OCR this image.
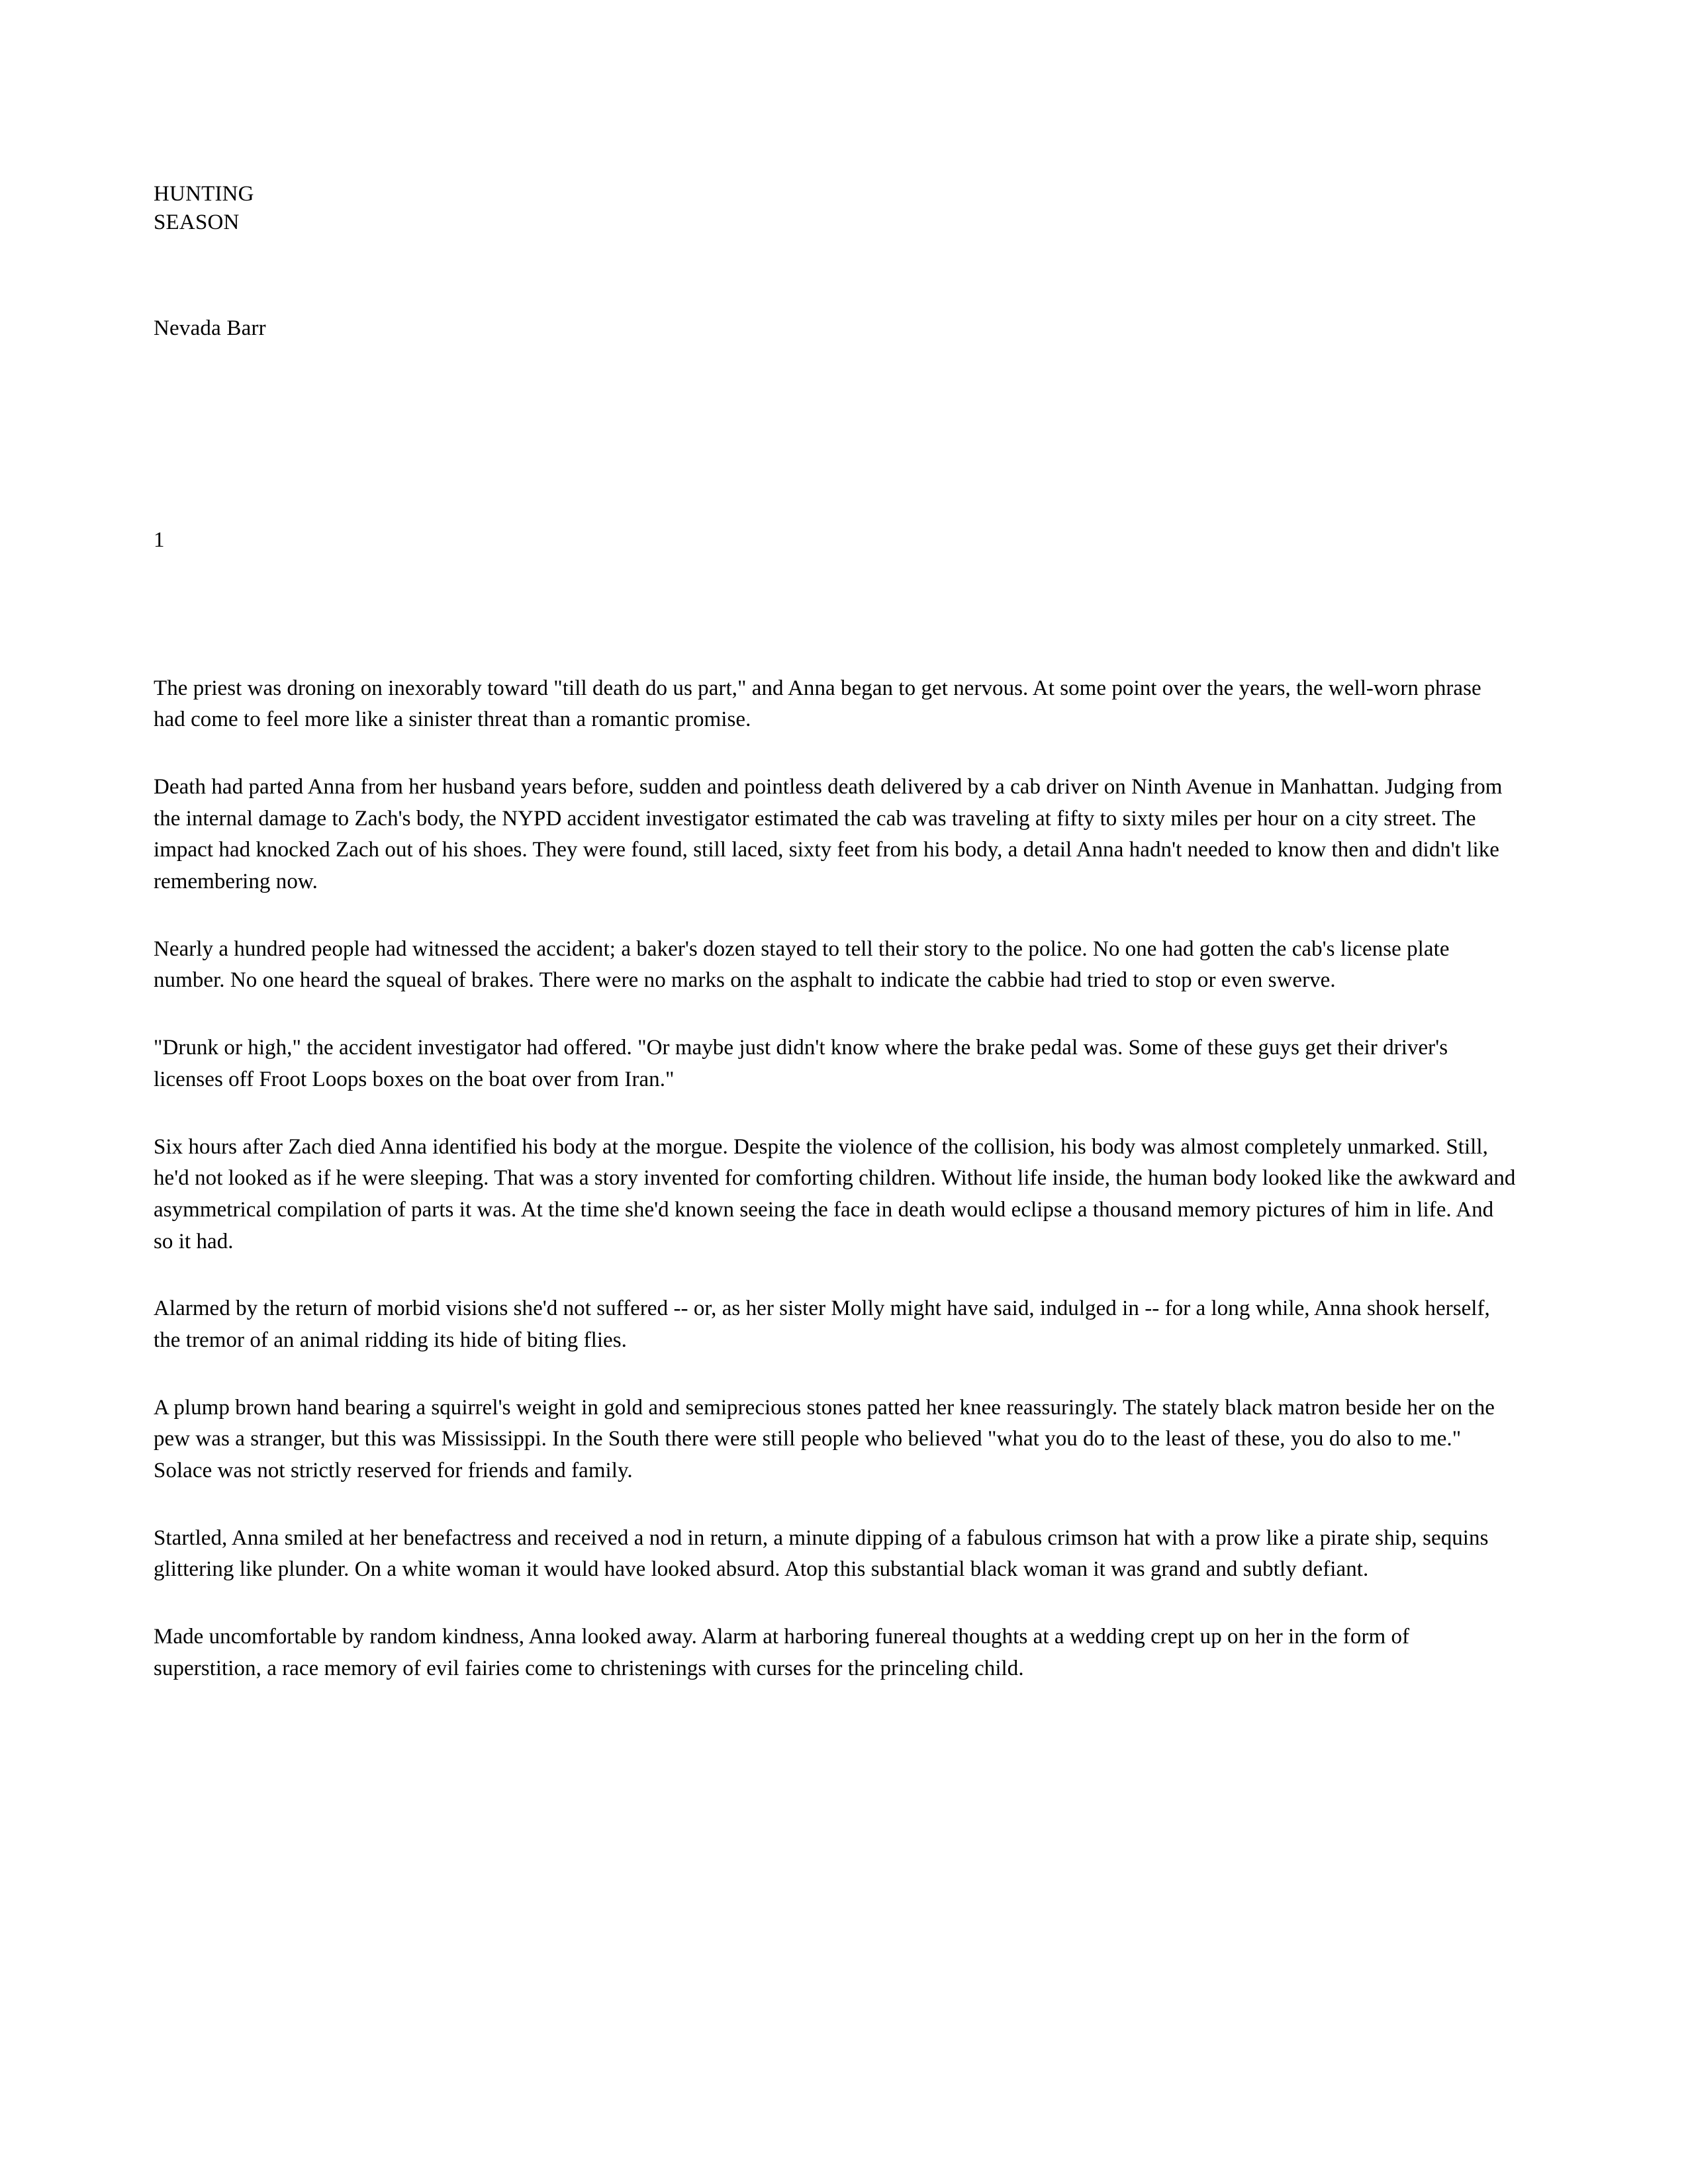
HUNTING
SEASON
Nevada Barr
1

The priest was droning on inexorably toward "till death do us part," and Anna began to get nervous. At some point over the years, the well-worn phrase had come to feel more like a sinister threat than a romantic promise.

Death had parted Anna from her husband years before, sudden and pointless death delivered by a cab driver on Ninth Avenue in Manhattan. Judging from the internal damage to Zach's body, the NYPD accident investigator estimated the cab was traveling at fifty to sixty miles per hour on a city street. The impact had knocked Zach out of his shoes. They were found, still laced, sixty feet from his body, a detail Anna hadn't needed to know then and didn't like remembering now.

Nearly a hundred people had witnessed the accident; a baker's dozen stayed to tell their story to the police. No one had gotten the cab's license plate number. No one heard the squeal of brakes. There were no marks on the asphalt to indicate the cabbie had tried to stop or even swerve.

"Drunk or high," the accident investigator had offered. "Or maybe just didn't know where the brake pedal was. Some of these guys get their driver's licenses off Froot Loops boxes on the boat over from Iran."

Six hours after Zach died Anna identified his body at the morgue. Despite the violence of the collision, his body was almost completely unmarked. Still, he'd not looked as if he were sleeping. That was a story invented for comforting children. Without life inside, the human body looked like the awkward and asymmetrical compilation of parts it was. At the time she'd known seeing the face in death would eclipse a thousand memory pictures of him in life. And so it had.

Alarmed by the return of morbid visions she'd not suffered -- or, as her sister Molly might have said, indulged in -- for a long while, Anna shook herself, the tremor of an animal ridding its hide of biting flies.

A plump brown hand bearing a squirrel's weight in gold and semiprecious stones patted her knee reassuringly. The stately black matron beside her on the pew was a stranger, but this was Mississippi. In the South there were still people who believed "what you do to the least of these, you do also to me." Solace was not strictly reserved for friends and family.

Startled, Anna smiled at her benefactress and received a nod in return, a minute dipping of a fabulous crimson hat with a prow like a pirate ship, sequins glittering like plunder. On a white woman it would have looked absurd. Atop this substantial black woman it was grand and subtly defiant.

Made uncomfortable by random kindness, Anna looked away. Alarm at harboring funereal thoughts at a wedding crept up on her in the form of superstition, a race memory of evil fairies come to christenings with curses for the princeling child.
